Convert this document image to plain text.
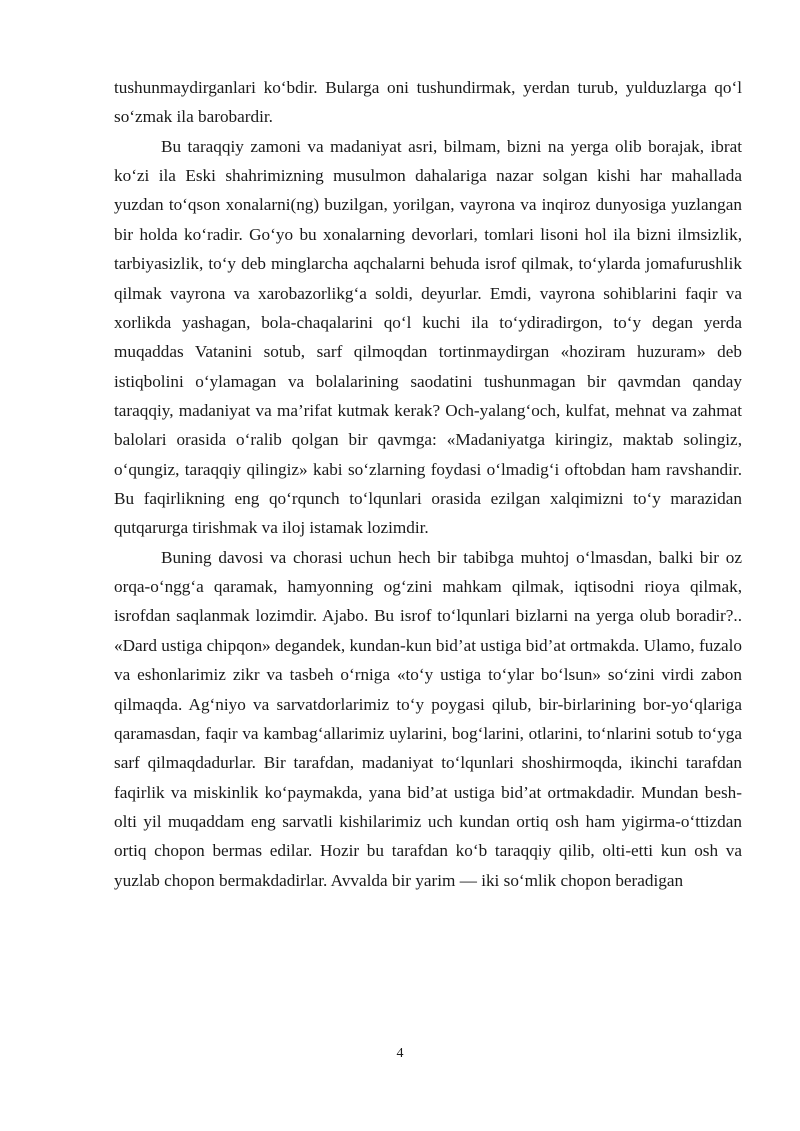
tushunmaydirganlari ko‘bdir. Bularga oni tushundirmak, yerdan turub, yulduzlarga qo‘l so‘zmak ila barobardir.

Bu taraqqiy zamoni va madaniyat asri, bilmam, bizni na yerga olib borajak, ibrat ko‘zi ila Eski shahrimizning musulmon dahalariga nazar solgan kishi har mahallada yuzdan to‘qson xonalarni(ng) buzilgan, yorilgan, vayrona va inqiroz dunyosiga yuzlangan bir holda ko‘radir. Go‘yo bu xonalarning devorlari, tomlari lisoni hol ila bizni ilmsizlik, tarbiyasizlik, to‘y deb minglarcha aqchalarni behuda isrof qilmak, to‘ylarda jomafurushlik qilmak vayrona va xarobazorlikg‘a soldi, deyurlar. Emdi, vayrona sohiblarini faqir va xorlikda yashagan, bola-chaqalarini qo‘l kuchi ila to‘ydiradirgon, to‘y degan yerda muqaddas Vatanini sotub, sarf qilmoqdan tortinmaydirgan «hoziram huzuram» deb istiqbolini o‘ylamagan va bolalarining saodatini tushunmagan bir qavmdan qanday taraqqiy, madaniyat va ma’rifat kutmak kerak? Och-yalang‘och, kulfat, mehnat va zahmat balolari orasida o‘ralib qolgan bir qavmga: «Madaniyatga kiringiz, maktab solingiz, o‘qungiz, taraqqiy qilingiz» kabi so‘zlarning foydasi o‘lmadig‘i oftobdan ham ravshandir. Bu faqirlikning eng qo‘rqunch to‘lqunlari orasida ezilgan xalqimizni to‘y marazidan qutqarurga tirishmak va iloj istamak lozimdir.

Buning davosi va chorasi uchun hech bir tabibga muhtoj o‘lmasdan, balki bir oz orqa-o‘ngg‘a qaramak, hamyonning og‘zini mahkam qilmak, iqtisodni rioya qilmak, isrofdan saqlanmak lozimdir. Ajabo. Bu isrof to‘lqunlari bizlarni na yerga olub boradir?.. «Dard ustiga chipqon» degandek, kundan-kun bid’at ustiga bid’at ortmakda. Ulamo, fuzalo va eshonlarimiz zikr va tasbeh o‘rniga «to‘y ustiga to‘ylar bo‘lsun» so‘zini virdi zabon qilmaqda. Ag‘niyo va sarvatdorlarimiz to‘y poygasi qilub, bir-birlarining bor-yo‘qlariga qaramasdan, faqir va kambag‘allarimiz uylarini, bog‘larini, otlarini, to‘nlarini sotub to‘yga sarf qilmaqdadurlar. Bir tarafdan, madaniyat to‘lqunlari shoshirmoqda, ikinchi tarafdan faqirlik va miskinlik ko‘paymakda, yana bid’at ustiga bid’at ortmakdadir. Mundan besh-olti yil muqaddam eng sarvatli kishilarimiz uch kundan ortiq osh ham yigirma-o‘ttizdan ortiq chopon bermas edilar. Hozir bu tarafdan ko‘b taraqqiy qilib, olti-etti kun osh va yuzlab chopon bermakdadirlar. Avvalda bir yarim — iki so‘mlik chopon beradigan

4
